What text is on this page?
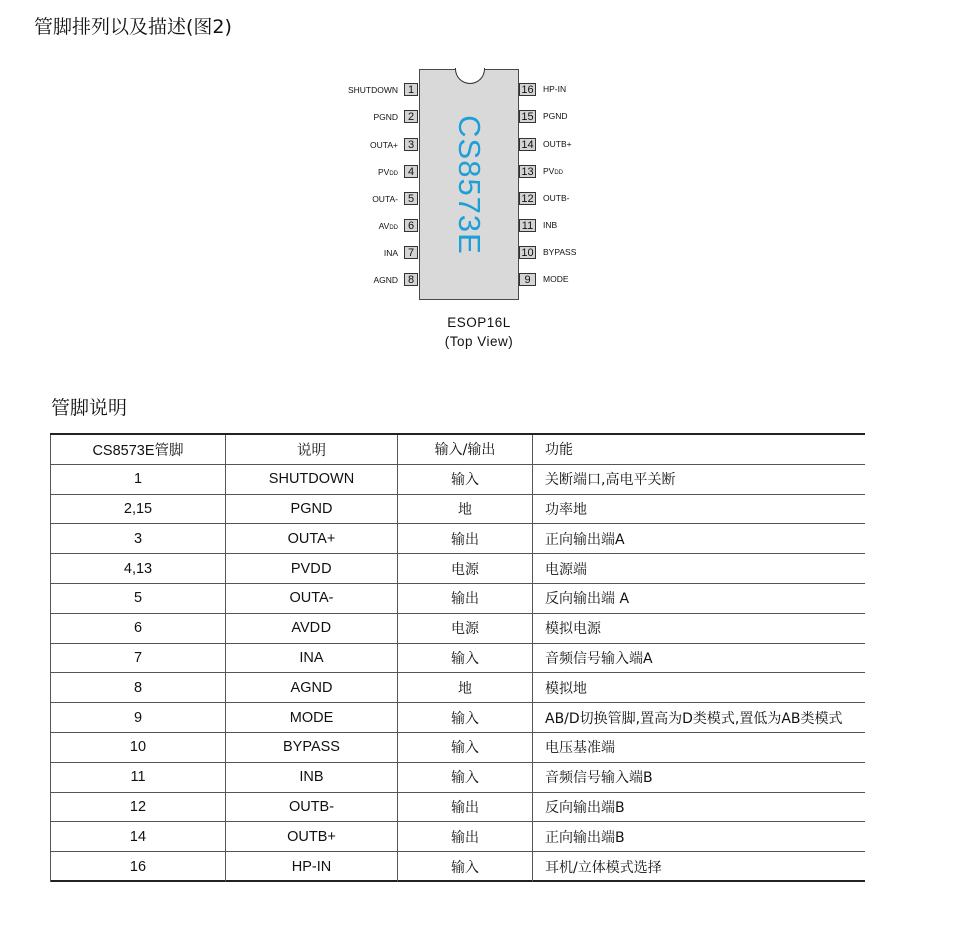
管脚排列以及描述(图2)
CS8573E
1
SHUTDOWN
2
PGND
3
OUTA+
4
PVDD
5
OUTA-
6
AVDD
7
INA
8
AGND
16 HP-IN
15 PGND
14 OUTB+
13 PVDD
12 OUTB-
11	INB
10 BYPASS
9	MODE
ESOP16L
(Top View)
管脚说明
CS8573E管脚	说明	输入/输出	功能
1	SHUTDOWN	输入	关断端口,高电平关断
2,15	PGND	地	功率地
3	OUTA+	输出	正向输出端A
4,13	PV DD	电源	电源端
5	OUTA-	输出	反向输出端 A
6	AV DD	电源	模拟电源
7	INA	输入	音频信号输入端A
8	AGND	地	模拟地
9	MODE	输入	AB/D切换管脚,置高为D类模式,置低为AB类模式
10	BYPASS	输入	电压基准端
11	INB	输入	音频信号输入端B
12	OUTB-	输出	反向输出端B
14	OUTB+	输出	正向输出端B
16	HP-IN	输入	耳机/立体模式选择
